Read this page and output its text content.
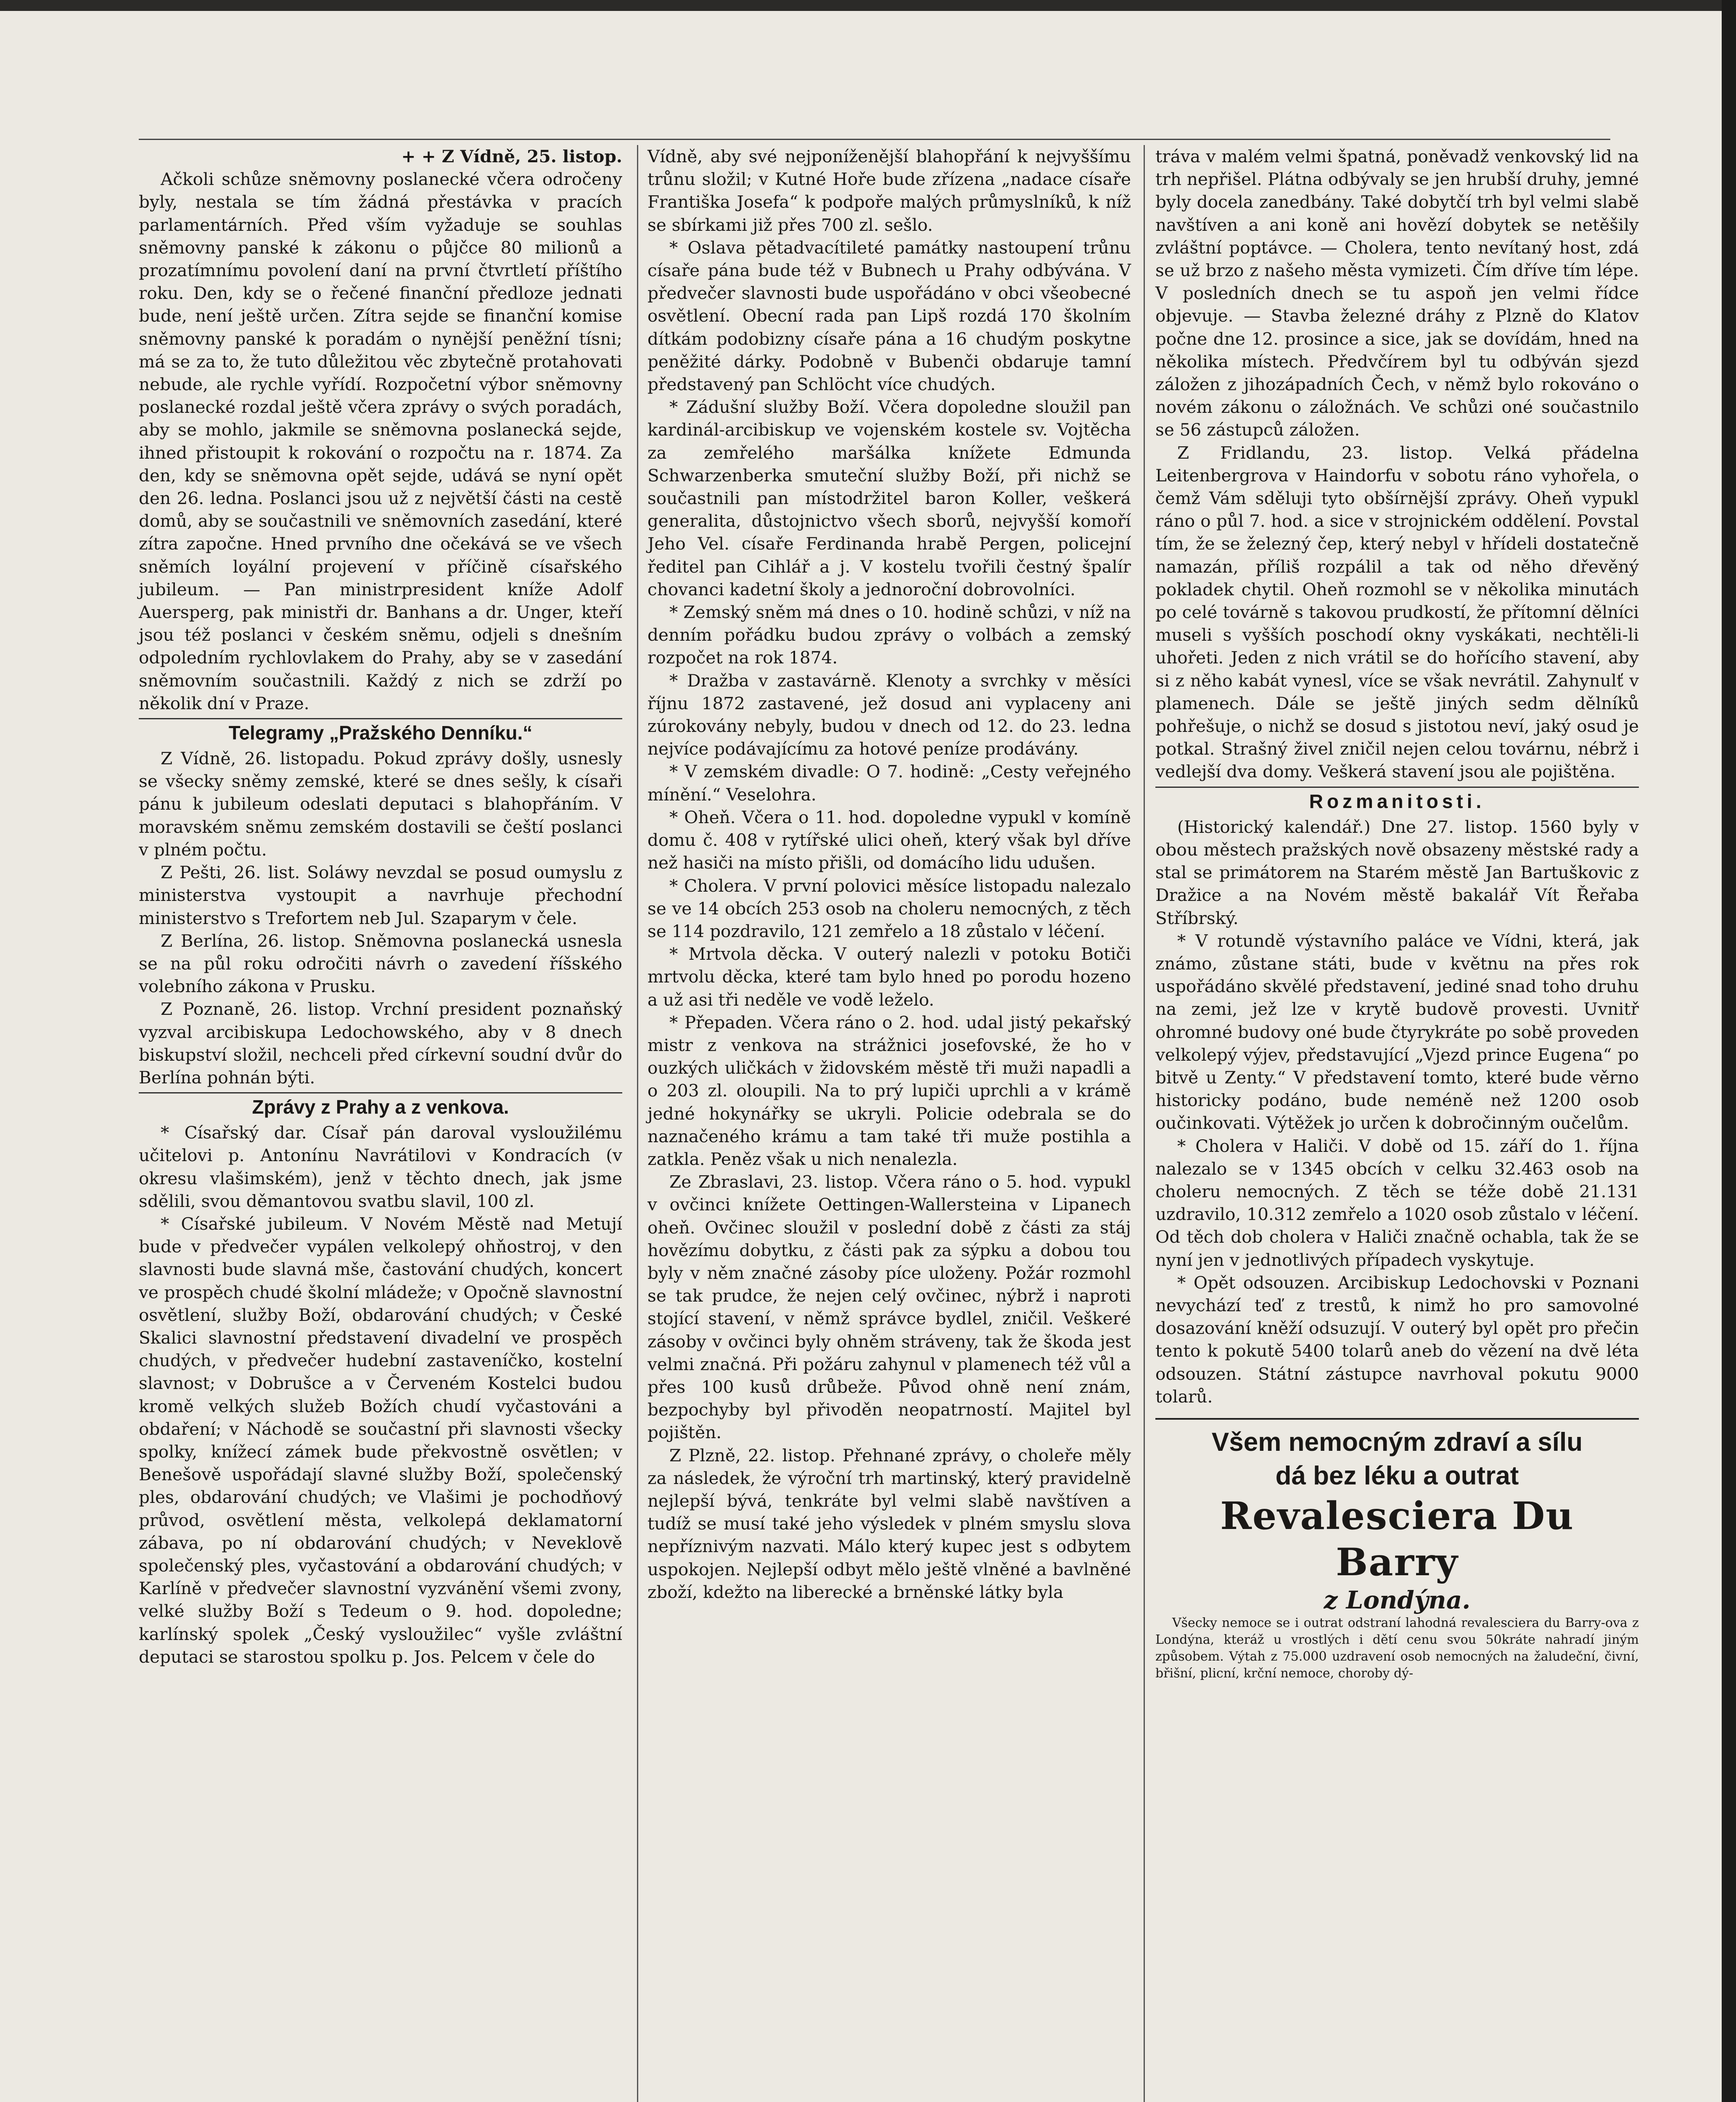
+ + Z Vídně, 25. listop.

Ačkoli schůze sněmovny poslanecké včera odročeny byly, nestala se tím žádná přestávka v pracích parlamentárních. Před vším vyžaduje se souhlas sněmovny panské k zákonu o půjčce 80 milionů a prozatímnímu povolení daní na první čtvrtletí příštího roku. Den, kdy se o řečené finanční předloze jednati bude, není ještě určen. Zítra sejde se finanční komise sněmovny panské k poradám o nynější peněžní tísni; má se za to, že tuto důležitou věc zbytečně protahovati nebude, ale rychle vyřídí. Rozpočetní výbor sněmovny poslanecké rozdal ještě včera zprávy o svých poradách, aby se mohlo, jakmile se sněmovna poslanecká sejde, ihned přistoupit k rokování o rozpočtu na r. 1874. Za den, kdy se sněmovna opět sejde, udává se nyní opět den 26. ledna. Poslanci jsou už z největší části na cestě domů, aby se součastnili ve sněmovních zasedání, které zítra započne. Hned prvního dne očekává se ve všech sněmích loyální projevení v příčině císařského jubileum. — Pan ministrpresident kníže Adolf Auersperg, pak ministři dr. Banhans a dr. Unger, kteří jsou též poslanci v českém sněmu, odjeli s dnešním odpoledním rychlovlakem do Prahy, aby se v zasedání sněmovním součastnili. Každý z nich se zdrží po několik dní v Praze.

Telegramy „Pražského Denníku.“

Z Vídně, 26. listopadu. Pokud zprávy došly, usnesly se všecky sněmy zemské, které se dnes sešly, k císaři pánu k jubileum odeslati deputaci s blahopřáním. V moravském sněmu zemském dostavili se čeští poslanci v plném počtu.

Z Pešti, 26. list. Soláwy nevzdal se posud oumyslu z ministerstva vystoupit a navrhuje přechodní ministerstvo s Trefortem neb Jul. Szaparym v čele.

Z Berlína, 26. listop. Sněmovna poslanecká usnesla se na půl roku odročiti návrh o zavedení říšského volebního zákona v Prusku.

Z Poznaně, 26. listop. Vrchní president poznaňský vyzval arcibiskupa Ledochowského, aby v 8 dnech biskupství složil, nechceli před církevní soudní dvůr do Berlína pohnán býti.

Zprávy z Prahy a z venkova.

* Císařský dar. Císař pán daroval vysloužilému učitelovi p. Antonínu Navrátilovi v Kondracích (v okresu vlašimském), jenž v těchto dnech, jak jsme sdělili, svou děmantovou svatbu slavil, 100 zl.

* Císařské jubileum. V Novém Městě nad Metují bude v předvečer vypálen velkolepý ohňostroj, v den slavnosti bude slavná mše, častování chudých, koncert ve prospěch chudé školní mládeže; v Opočně slavnostní osvětlení, služby Boží, obdarování chudých; v České Skalici slavnostní představení divadelní ve prospěch chudých, v předvečer hudební zastaveníčko, kostelní slavnost; v Dobrušce a v Červeném Kostelci budou kromě velkých služeb Božích chudí vyčastováni a obdaření; v Náchodě se součastní při slavnosti všecky spolky, knížecí zámek bude překvostně osvětlen; v Benešově uspořádají slavné služby Boží, společenský ples, obdarování chudých; ve Vlašimi je pochodňový průvod, osvětlení města, velkolepá deklamatorní zábava, po ní obdarování chudých; v Neveklově společenský ples, vyčastování a obdarování chudých; v Karlíně v předvečer slavnostní vyzvánění všemi zvony, velké služby Boží s Tedeum o 9. hod. dopoledne; karlínský spolek „Český vysloužilec“ vyšle zvláštní deputaci se starostou spolku p. Jos. Pelcem v čele do

Vídně, aby své nejponíženější blahopřání k nejvyššímu trůnu složil; v Kutné Hoře bude zřízena „nadace císaře Františka Josefa“ k podpoře malých průmyslníků, k níž se sbírkami již přes 700 zl. sešlo.

* Oslava pětadvacítileté památky nastoupení trůnu císaře pána bude též v Bubnech u Prahy odbývána. V předvečer slavnosti bude uspořádáno v obci všeobecné osvětlení. Obecní rada pan Lipš rozdá 170 školním dítkám podobizny císaře pána a 16 chudým poskytne peněžité dárky. Podobně v Bubenči obdaruje tamní představený pan Schlöcht více chudých.

* Zádušní služby Boží. Včera dopoledne sloužil pan kardinál-arcibiskup ve vojenském kostele sv. Vojtěcha za zemřelého maršálka knížete Edmunda Schwarzenberka smuteční služby Boží, při nichž se součastnili pan místodržitel baron Koller, veškerá generalita, důstojnictvo všech sborů, nejvyšší komoří Jeho Vel. císaře Ferdinanda hrabě Pergen, policejní ředitel pan Cihlář a j. V kostelu tvořili čestný špalír chovanci kadetní školy a jednoroční dobrovolníci.

* Zemský sněm má dnes o 10. hodině schůzi, v níž na denním pořádku budou zprávy o volbách a zemský rozpočet na rok 1874.

* Dražba v zastavárně. Klenoty a svrchky v měsíci říjnu 1872 zastavené, jež dosud ani vyplaceny ani zúrokovány nebyly, budou v dnech od 12. do 23. ledna nejvíce podávajícímu za hotové peníze prodávány.

* V zemském divadle: O 7. hodině: „Cesty veřejného mínění.“ Veselohra.

* Oheň. Včera o 11. hod. dopoledne vypukl v komíně domu č. 408 v rytířské ulici oheň, který však byl dříve než hasiči na místo přišli, od domácího lidu udušen.

* Cholera. V první polovici měsíce listopadu nalezalo se ve 14 obcích 253 osob na choleru nemocných, z těch se 114 pozdravilo, 121 zemřelo a 18 zůstalo v léčení.

* Mrtvola děcka. V outerý nalezli v potoku Botiči mrtvolu děcka, které tam bylo hned po porodu hozeno a už asi tři neděle ve vodě leželo.

* Přepaden. Včera ráno o 2. hod. udal jistý pekařský mistr z venkova na strážnici josefovské, že ho v ouzkých uličkách v židovském městě tři muži napadli a o 203 zl. oloupili. Na to prý lupiči uprchli a v krámě jedné hokynářky se ukryli. Policie odebrala se do naznačeného krámu a tam také tři muže postihla a zatkla. Peněz však u nich nenalezla.

Ze Zbraslavi, 23. listop. Včera ráno o 5. hod. vypukl v ovčinci knížete Oettingen-Wallersteina v Lipanech oheň. Ovčinec sloužil v poslední době z části za stáj hovězímu dobytku, z části pak za sýpku a dobou tou byly v něm značné zásoby píce uloženy. Požár rozmohl se tak prudce, že nejen celý ovčinec, nýbrž i naproti stojící stavení, v němž správce bydlel, zničil. Veškeré zásoby v ovčinci byly ohněm stráveny, tak že škoda jest velmi značná. Při požáru zahynul v plamenech též vůl a přes 100 kusů drůbeže. Původ ohně není znám, bezpochyby byl přivoděn neopatrností. Majitel byl pojištěn.

Z Plzně, 22. listop. Přehnané zprávy, o choleře měly za následek, že výroční trh martinský, který pravidelně nejlepší bývá, tenkráte byl velmi slabě navštíven a tudíž se musí také jeho výsledek v plném smyslu slova nepříznivým nazvati. Málo který kupec jest s odbytem uspokojen. Nejlepší odbyt mělo ještě vlněné a bavlněné zboží, kdežto na liberecké a brněnské látky byla

tráva v malém velmi špatná, poněvadž venkovský lid na trh nepřišel. Plátna odbývaly se jen hrubší druhy, jemné byly docela zanedbány. Také dobytčí trh byl velmi slabě navštíven a ani koně ani hovězí dobytek se netěšily zvláštní poptávce. — Cholera, tento nevítaný host, zdá se už brzo z našeho města vymizeti. Čím dříve tím lépe. V posledních dnech se tu aspoň jen velmi řídce objevuje. — Stavba železné dráhy z Plzně do Klatov počne dne 12. prosince a sice, jak se dovídám, hned na několika místech. Předvčírem byl tu odbýván sjezd záložen z jihozápadních Čech, v němž bylo rokováno o novém zákonu o záložnách. Ve schůzi oné součastnilo se 56 zástupců záložen.

Z Fridlandu, 23. listop. Velká přádelna Leitenbergrova v Haindorfu v sobotu ráno vyhořela, o čemž Vám sděluji tyto obšírnější zprávy. Oheň vypukl ráno o půl 7. hod. a sice v strojnickém oddělení. Povstal tím, že se železný čep, který nebyl v hřídeli dostatečně namazán, příliš rozpálil a tak od něho dřevěný pokladek chytil. Oheň rozmohl se v několika minutách po celé továrně s takovou prudkostí, že přítomní dělníci museli s vyšších poschodí okny vyskákati, nechtěli-li uhořeti. Jeden z nich vrátil se do hořícího stavení, aby si z něho kabát vynesl, více se však nevrátil. Zahynulť v plamenech. Dále se ještě jiných sedm dělníků pohřešuje, o nichž se dosud s jistotou neví, jaký osud je potkal. Strašný živel zničil nejen celou továrnu, nébrž i vedlejší dva domy. Veškerá stavení jsou ale pojištěna.

Rozmanitosti.

(Historický kalendář.) Dne 27. listop. 1560 byly v obou městech pražských nově obsazeny městské rady a stal se primátorem na Starém městě Jan Bartuškovic z Dražice a na Novém městě bakalář Vít Řeřaba Stříbrský.

* V rotundě výstavního paláce ve Vídni, která, jak známo, zůstane státi, bude v květnu na přes rok uspořádáno skvělé představení, jediné snad toho druhu na zemi, jež lze v krytě budově provesti. Uvnitř ohromné budovy oné bude čtyrykráte po sobě proveden velkolepý výjev, představující „Vjezd prince Eugena“ po bitvě u Zenty.“ V představení tomto, které bude věrno historicky podáno, bude neméně než 1200 osob oučinkovati. Výtěžek jo určen k dobročinným oučelům.

* Cholera v Haliči. V době od 15. září do 1. října nalezalo se v 1345 obcích v celku 32.463 osob na choleru nemocných. Z těch se téže době 21.131 uzdravilo, 10.312 zemřelo a 1020 osob zůstalo v léčení. Od těch dob cholera v Haliči značně ochabla, tak že se nyní jen v jednotlivých případech vyskytuje.

* Opět odsouzen. Arcibiskup Ledochovski v Poznani nevychází teď z trestů, k nimž ho pro samovolné dosazování kněží odsuzují. V outerý byl opět pro přečin tento k pokutě 5400 tolarů aneb do vězení na dvě léta odsouzen. Státní zástupce navrhoval pokutu 9000 tolarů.

Všem nemocným zdraví a sílu
dá bez léku a outrat
Revalesciera Du Barry
z Londýna.

Všecky nemoce se i outrat odstraní lahodná revalesciera du Barry-ova z Londýna, kteráž u vrostlých i dětí cenu svou 50kráte nahradí jiným způsobem. Výtah z 75.000 uzdravení osob nemocných na žaludeční, čivní, břišní, plicní, krční nemoce, choroby dý-
